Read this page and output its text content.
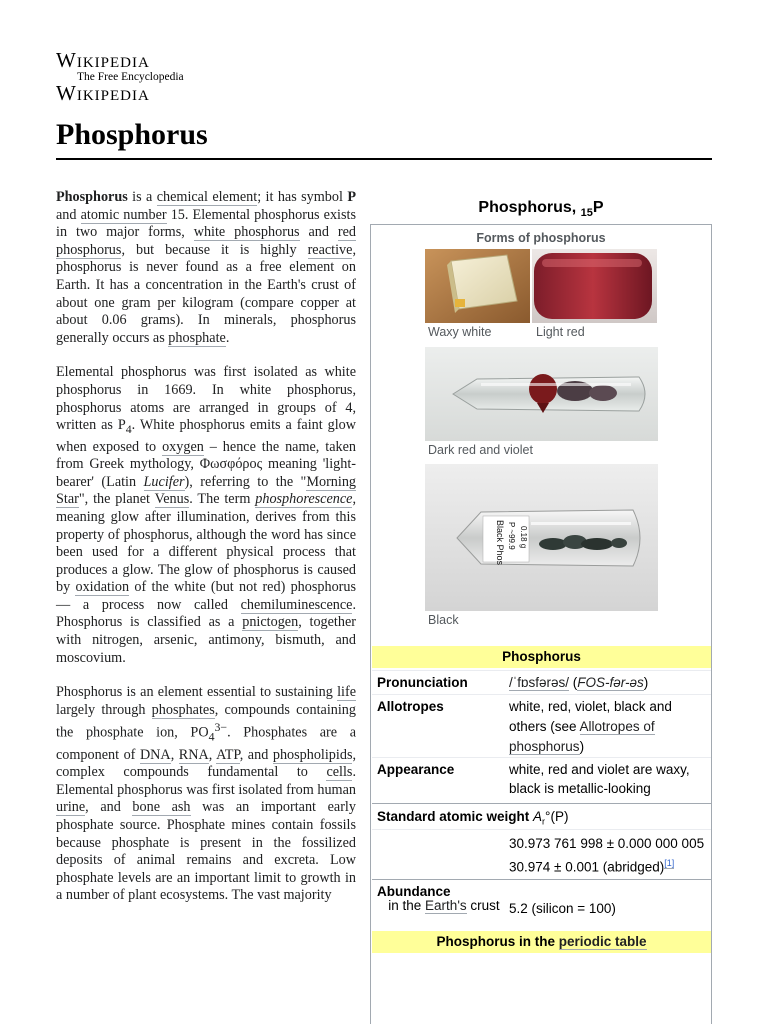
Wikipedia
The Free Encyclopedia
Wikipedia
Phosphorus

Phosphorus is a chemical element; it has symbol P and atomic number 15. Elemental phosphorus exists in two major forms, white phosphorus and red phosphorus, but because it is highly reactive, phosphorus is never found as a free element on Earth. It has a concentration in the Earth's crust of about one gram per kilogram (compare copper at about 0.06 grams). In minerals, phosphorus generally occurs as phosphate.

Elemental phosphorus was first isolated as white phosphorus in 1669. In white phosphorus, phosphorus atoms are arranged in groups of 4, written as $P_4$. White phosphorus emits a faint glow when exposed to oxygen – hence the name, taken from Greek mythology, Φωσφόρος meaning 'light-bearer' (Latin Lucifer), referring to the "Morning Star", the planet Venus. The term phosphorescence, meaning glow after illumination, derives from this property of phosphorus, although the word has since been used for a different physical process that produces a glow. The glow of phosphorus is caused by oxidation of the white (but not red) phosphorus — a process now called chemiluminescence. Phosphorus is classified as a pnictogen, together with nitrogen, arsenic, antimony, bismuth, and moscovium.

Phosphorus is an element essential to sustaining life largely through phosphates, compounds containing the phosphate ion, $PO_4^{3-}$. Phosphates are a component of DNA, RNA, ATP, and phospholipids, complex compounds fundamental to cells. Elemental phosphorus was first isolated from human urine, and bone ash was an important early phosphate source. Phosphate mines contain fossils because phosphate is present in the fossilized deposits of animal remains and excreta. Low phosphate levels are an important limit to growth in a number of plant ecosystems. The vast majority

Phosphorus, $_{15}$P
Forms of phosphorus
Waxy white	Light red
Dark red and violet
Black Phos P ~99.9 0.18 g
Black
Phosphorus
Pronunciation	/ˈfɒsfərəs/ (FOS-fər-əs)
Allotropes	white, red, violet, black and others (see Allotropes of phosphorus)
Appearance	white, red and violet are waxy, black is metallic-looking
Standard atomic weight $A_r^\circ(P)$
30.973 761 998 ± 0.000 000 005
30.974 ± 0.001 (abridged)[1]
Abundance
in the Earth's crust 5.2 (silicon = 100)
Phosphorus in the periodic table
